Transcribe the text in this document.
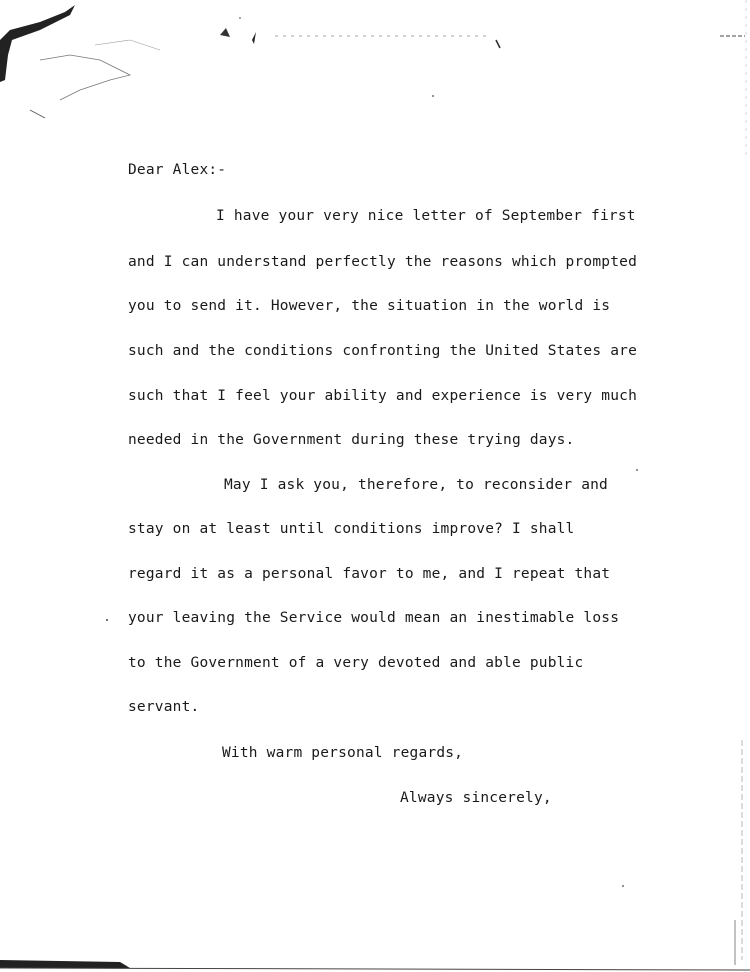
Dear Alex:-
I have your very nice letter of September first
and I can understand perfectly the reasons which prompted
you to send it. However, the situation in the world is
such and the conditions confronting the United States are
such that I feel your ability and experience is very much
needed in the Government during these trying days.
May I ask you, therefore, to reconsider and
stay on at least until conditions improve? I shall
regard it as a personal favor to me, and I repeat that
your leaving the Service would mean an inestimable loss
to the Government of a very devoted and able public
servant.
With warm personal regards,
Always sincerely,
